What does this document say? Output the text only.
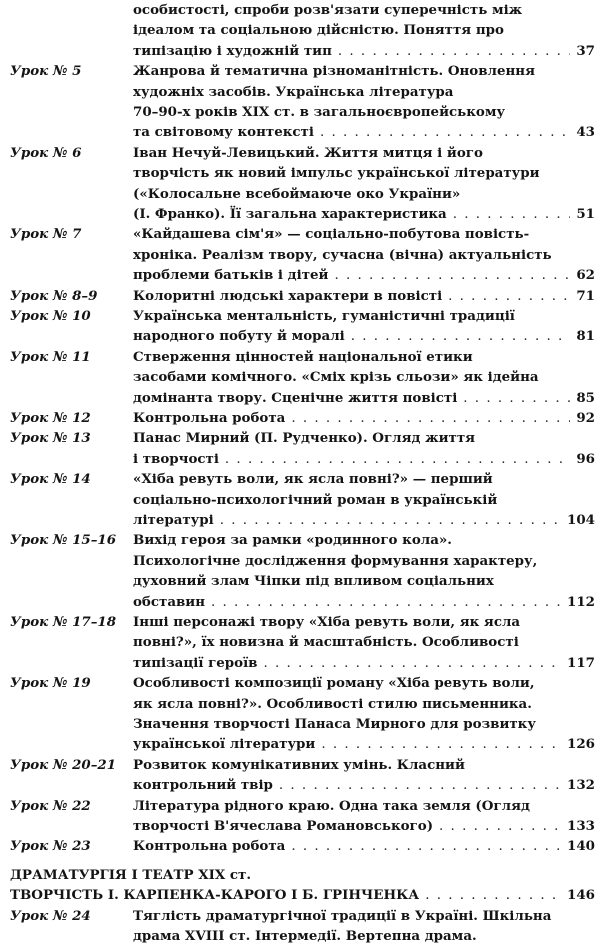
особистості, спроби розв'язати суперечність між
ідеалом та соціальною дійсністю. Поняття про
типізацію і художній тип . . .	37
Урок № 5	Жанрова й тематична різноманітність. Оновлення
художніх засобів. Українська література
70–90-х років XIX ст. в загальноєвропейському
та світовому контексті . . .	43
Урок № 6	Іван Нечуй-Левицький. Життя митця і його
творчість як новий імпульс української літератури
(«Колосальне всебоймаюче око України»
(І. Франко). Її загальна характеристика . . .	51
Урок № 7	«Кайдашева сім'я» — соціально-побутова повість-
хроніка. Реалізм твору, сучасна (вічна) актуальність
проблеми батьків і дітей . . .	62
Урок № 8–9	Колоритні людські характери в повісті . . .	71
Урок № 10	Українська ментальність, гуманістичні традиції
народного побуту й моралі . . .	81
Урок № 11	Стверження цінностей національної етики
засобами комічного. «Сміх крізь сльози» як ідейна
домінанта твору. Сценічне життя повісті . . .	85
Урок № 12	Контрольна робота . . .	92
Урок № 13	Панас Мирний (П. Рудченко). Огляд життя
і творчості . . .	96
Урок № 14	«Хіба ревуть воли, як ясла повні?» — перший
соціально-психологічний роман в українській
літературі . . .	104
Урок № 15–16 Вихід героя за рамки «родинного кола».
Психологічне дослідження формування характеру,
духовний злам Чіпки під впливом соціальних
обставин . . .	112
Урок № 17–18 Інші персонажі твору «Хіба ревуть воли, як ясла
повні?», їх новизна й масштабність. Особливості
типізації героїв . . .	117
Урок № 19	Особливості композиції роману «Хіба ревуть воли,
як ясла повні?». Особливості стилю письменника.
Значення творчості Панаса Мирного для розвитку
української літератури . . .	126
Урок № 20–21 Розвиток комунікативних умінь. Класний
контрольний твір . . .	132
Урок № 22	Література рідного краю. Одна така земля (Огляд
творчості В'ячеслава Романовського) . . .	133
Урок № 23	Контрольна робота . . .	140
ДРАМАТУРГІЯ І ТЕАТР XIX ст.
ТВОРЧІСТЬ І. КАРПЕНКА-КАРОГО І Б. ГРІНЧЕНКА . . .	146
Урок № 24	Тяглість драматургічної традиції в Україні. Шкільна
драма XVIII ст. Інтермедії. Вертепна драма.
